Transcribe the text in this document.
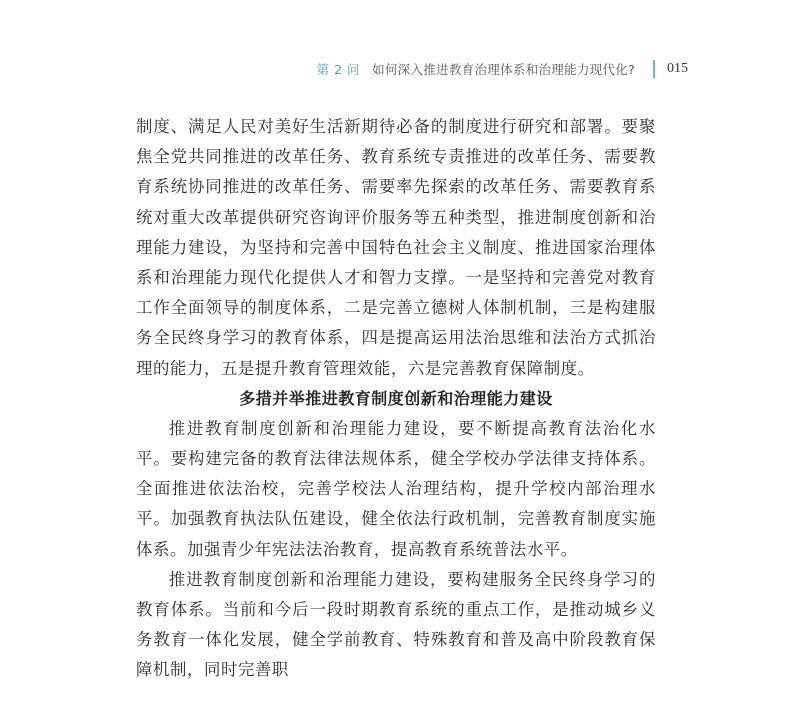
第 2 问 如何深入推进教育治理体系和治理能力现代化? 015

制度、满足人民对美好生活新期待必备的制度进行研究和部署。要聚焦全党共同推进的改革任务、教育系统专责推进的改革任务、需要教育系统协同推进的改革任务、需要率先探索的改革任务、需要教育系统对重大改革提供研究咨询评价服务等五种类型，推进制度创新和治理能力建设，为坚持和完善中国特色社会主义制度、推进国家治理体系和治理能力现代化提供人才和智力支撑。一是坚持和完善党对教育工作全面领导的制度体系，二是完善立德树人体制机制，三是构建服务全民终身学习的教育体系，四是提高运用法治思维和法治方式抓治理的能力，五是提升教育管理效能，六是完善教育保障制度。

多措并举推进教育制度创新和治理能力建设

推进教育制度创新和治理能力建设，要不断提高教育法治化水平。要构建完备的教育法律法规体系，健全学校办学法律支持体系。全面推进依法治校，完善学校法人治理结构，提升学校内部治理水平。加强教育执法队伍建设，健全依法行政机制，完善教育制度实施体系。加强青少年宪法法治教育，提高教育系统普法水平。

推进教育制度创新和治理能力建设，要构建服务全民终身学习的教育体系。当前和今后一段时期教育系统的重点工作，是推动城乡义务教育一体化发展，健全学前教育、特殊教育和普及高中阶段教育保障机制，同时完善职
